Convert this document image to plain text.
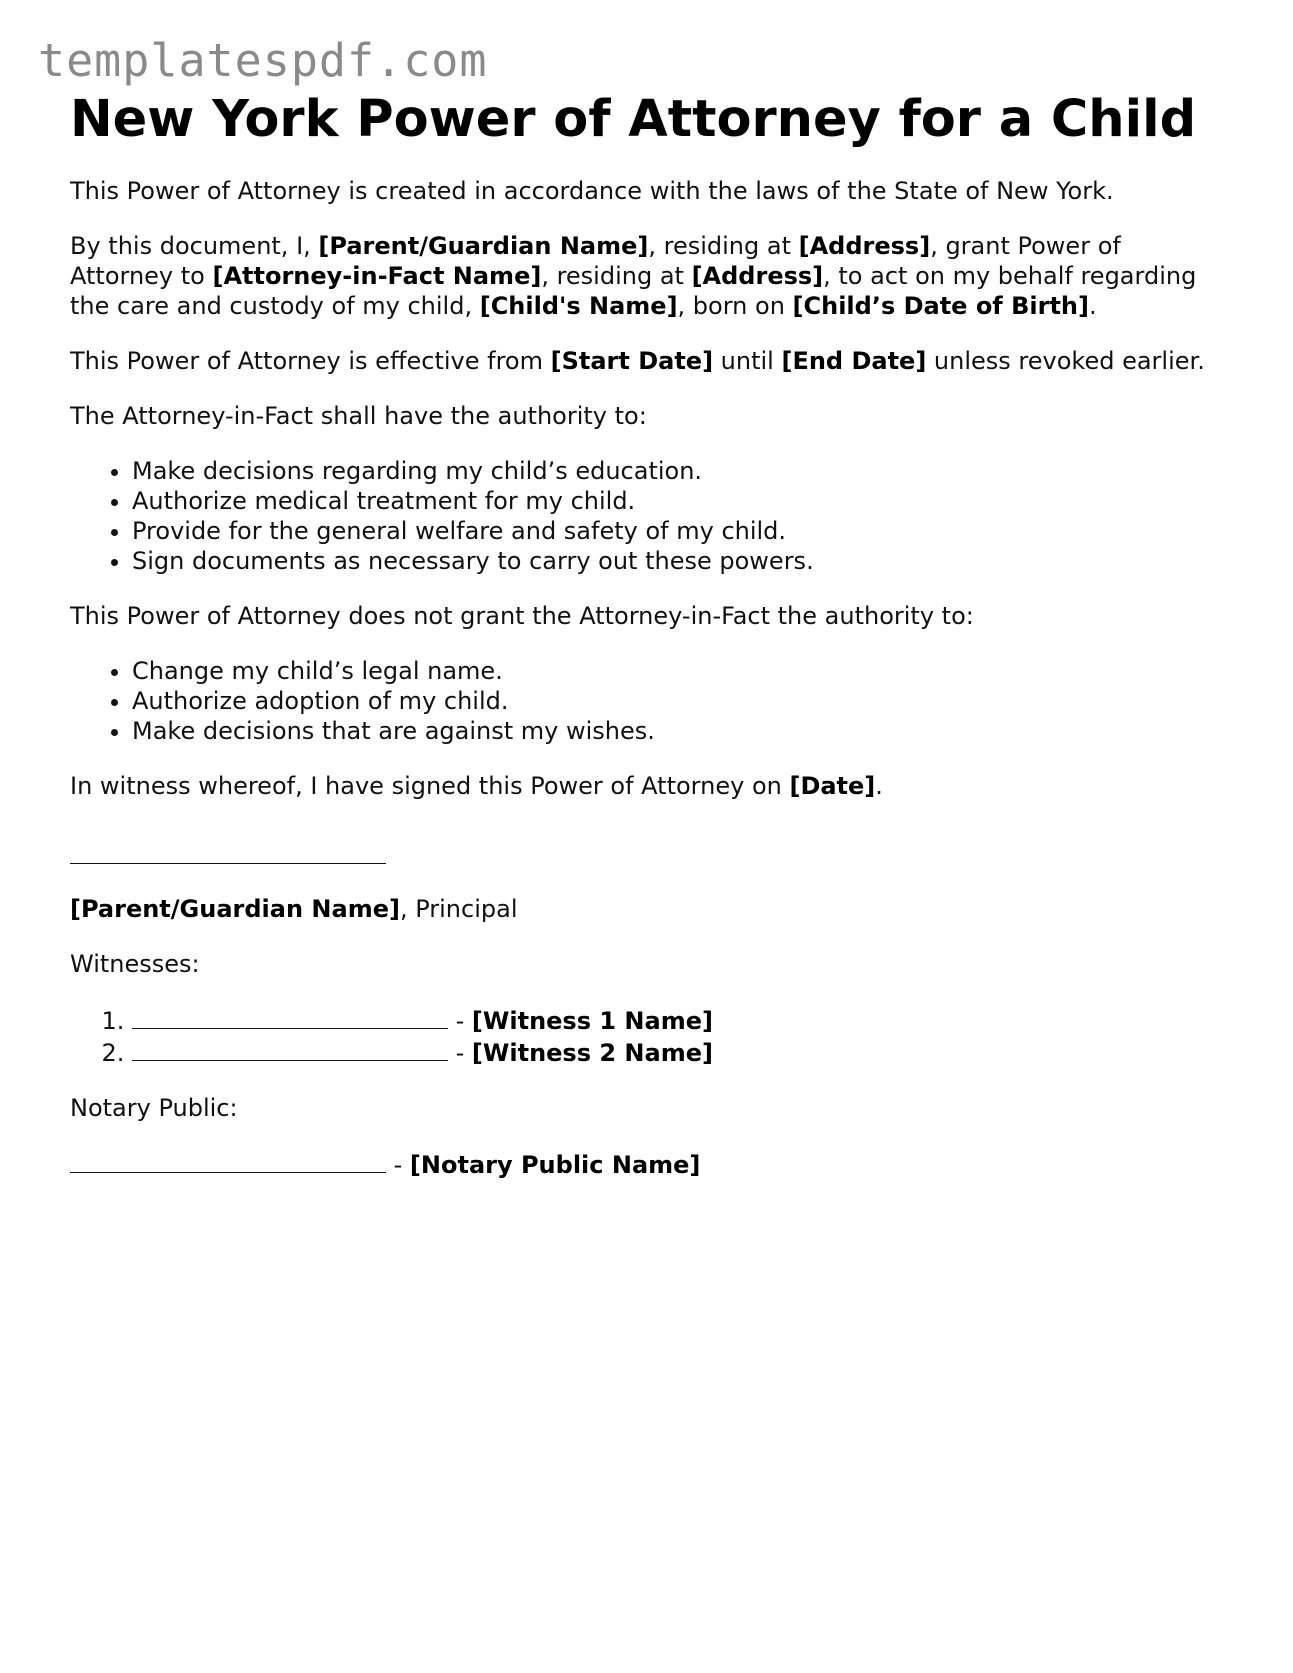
templatespdf.com
New York Power of Attorney for a Child

This Power of Attorney is created in accordance with the laws of the State of New York.

By this document, I, [Parent/Guardian Name], residing at [Address], grant Power of Attorney to [Attorney-in-Fact Name], residing at [Address], to act on my behalf regarding the care and custody of my child, [Child's Name], born on [Child’s Date of Birth].

This Power of Attorney is effective from [Start Date] until [End Date] unless revoked earlier.

The Attorney-in-Fact shall have the authority to:

• Make decisions regarding my child’s education.
• Authorize medical treatment for my child.
• Provide for the general welfare and safety of my child.
• Sign documents as necessary to carry out these powers.

This Power of Attorney does not grant the Attorney-in-Fact the authority to:

• Change my child’s legal name.
• Authorize adoption of my child.
• Make decisions that are against my wishes.

In witness whereof, I have signed this Power of Attorney on [Date].

[Parent/Guardian Name], Principal

Witnesses:

1. - [Witness 1 Name]
2. - [Witness 2 Name]

Notary Public:

- [Notary Public Name]
